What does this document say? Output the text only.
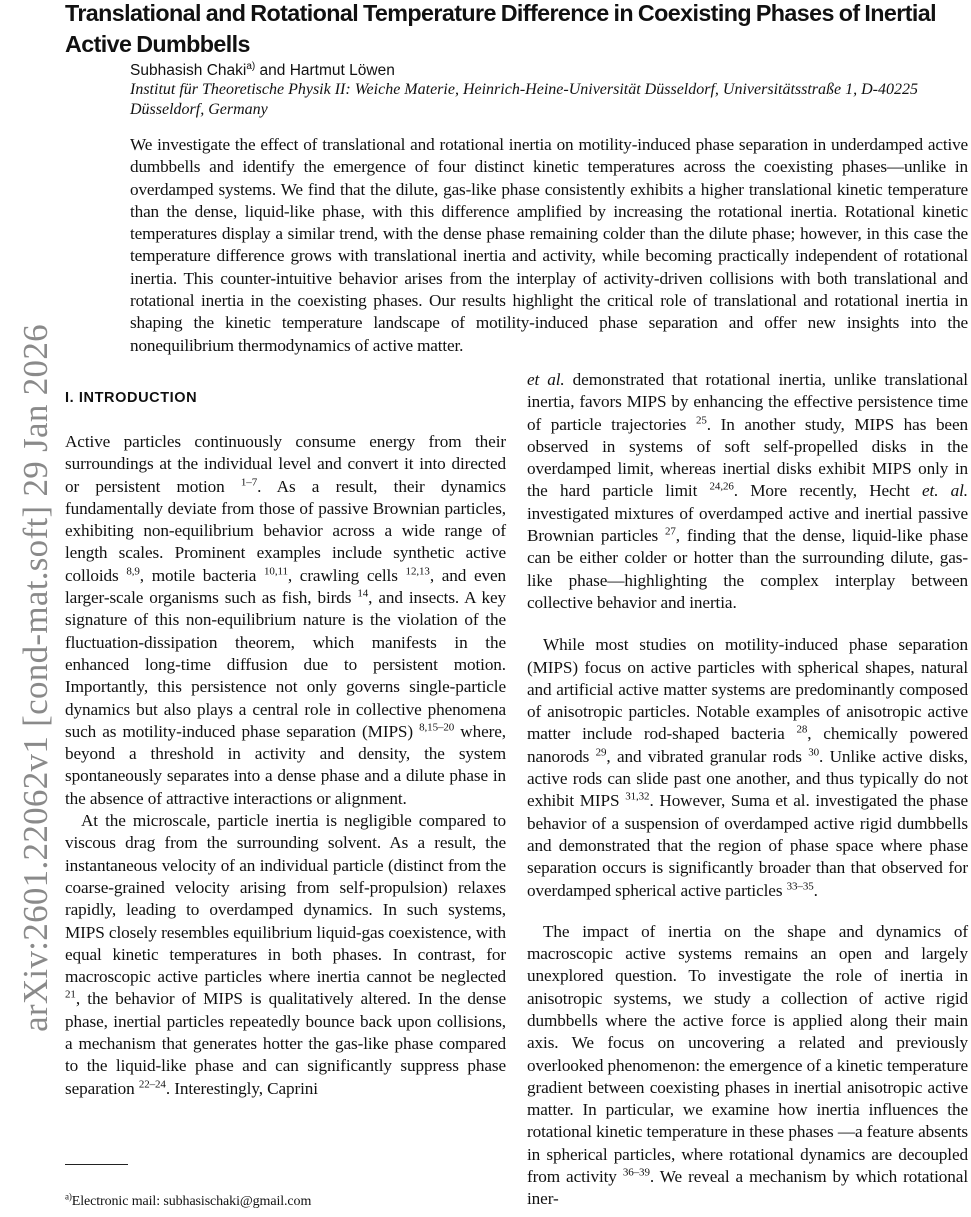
arXiv:2601.22062v1 [cond-mat.soft] 29 Jan 2026
Translational and Rotational Temperature Difference in Coexisting Phases of Inertial Active Dumbbells
Subhasish Chaki$^{a)}$ and Hartmut Löwen
Institut für Theoretische Physik II: Weiche Materie, Heinrich-Heine-Universität Düsseldorf, Universitätsstraße 1, D-40225 Düsseldorf, Germany
We investigate the effect of translational and rotational inertia on motility-induced phase separation in underdamped active dumbbells and identify the emergence of four distinct kinetic temperatures across the coexisting phases—unlike in overdamped systems. We find that the dilute, gas-like phase consistently exhibits a higher translational kinetic temperature than the dense, liquid-like phase, with this difference amplified by increasing the rotational inertia. Rotational kinetic temperatures display a similar trend, with the dense phase remaining colder than the dilute phase; however, in this case the temperature difference grows with translational inertia and activity, while becoming practically independent of rotational inertia. This counter-intuitive behavior arises from the interplay of activity-driven collisions with both translational and rotational inertia in the coexisting phases. Our results highlight the critical role of translational and rotational inertia in shaping the kinetic temperature landscape of motility-induced phase separation and offer new insights into the nonequilibrium thermodynamics of active matter.
I. INTRODUCTION

Active particles continuously consume energy from their surroundings at the individual level and convert it into directed or persistent motion $^{1-7}$. As a result, their dynamics fundamentally deviate from those of passive Brownian particles, exhibiting non-equilibrium behavior across a wide range of length scales. Prominent examples include synthetic active colloids $^{8,9}$, motile bacteria $^{10,11}$, crawling cells $^{12,13}$, and even larger-scale organisms such as fish, birds $^{14}$, and insects. A key signature of this non-equilibrium nature is the violation of the fluctuation-dissipation theorem, which manifests in the enhanced long-time diffusion due to persistent motion. Importantly, this persistence not only governs single-particle dynamics but also plays a central role in collective phenomena such as motility-induced phase separation (MIPS) $^{8,15-20}$ where, beyond a threshold in activity and density, the system spontaneously separates into a dense phase and a dilute phase in the absence of attractive interactions or alignment.

At the microscale, particle inertia is negligible compared to viscous drag from the surrounding solvent. As a result, the instantaneous velocity of an individual particle (distinct from the coarse-grained velocity arising from self-propulsion) relaxes rapidly, leading to overdamped dynamics. In such systems, MIPS closely resembles equilibrium liquid-gas coexistence, with equal kinetic temperatures in both phases. In contrast, for macroscopic active particles where inertia cannot be neglected $^{21}$, the behavior of MIPS is qualitatively altered. In the dense phase, inertial particles repeatedly bounce back upon collisions, a mechanism that generates hotter the gas-like phase compared to the liquid-like phase and can significantly suppress phase separation $^{22-24}$. Interestingly, Caprini

$^{a)}$Electronic mail: subhasischaki@gmail.com

et al. demonstrated that rotational inertia, unlike translational inertia, favors MIPS by enhancing the effective persistence time of particle trajectories $^{25}$. In another study, MIPS has been observed in systems of soft self-propelled disks in the overdamped limit, whereas inertial disks exhibit MIPS only in the hard particle limit $^{24,26}$. More recently, Hecht et. al. investigated mixtures of overdamped active and inertial passive Brownian particles $^{27}$, finding that the dense, liquid-like phase can be either colder or hotter than the surrounding dilute, gas-like phase—highlighting the complex interplay between collective behavior and inertia.

While most studies on motility-induced phase separation (MIPS) focus on active particles with spherical shapes, natural and artificial active matter systems are predominantly composed of anisotropic particles. Notable examples of anisotropic active matter include rod-shaped bacteria $^{28}$, chemically powered nanorods $^{29}$, and vibrated granular rods $^{30}$. Unlike active disks, active rods can slide past one another, and thus typically do not exhibit MIPS $^{31,32}$. However, Suma et al. investigated the phase behavior of a suspension of overdamped active rigid dumbbells and demonstrated that the region of phase space where phase separation occurs is significantly broader than that observed for overdamped spherical active particles $^{33-35}$.

The impact of inertia on the shape and dynamics of macroscopic active systems remains an open and largely unexplored question. To investigate the role of inertia in anisotropic systems, we study a collection of active rigid dumbbells where the active force is applied along their main axis. We focus on uncovering a related and previously overlooked phenomenon: the emergence of a kinetic temperature gradient between coexisting phases in inertial anisotropic active matter. In particular, we examine how inertia influences the rotational kinetic temperature in these phases —a feature absents in spherical particles, where rotational dynamics are decoupled from activity $^{36-39}$. We reveal a mechanism by which rotational iner-
